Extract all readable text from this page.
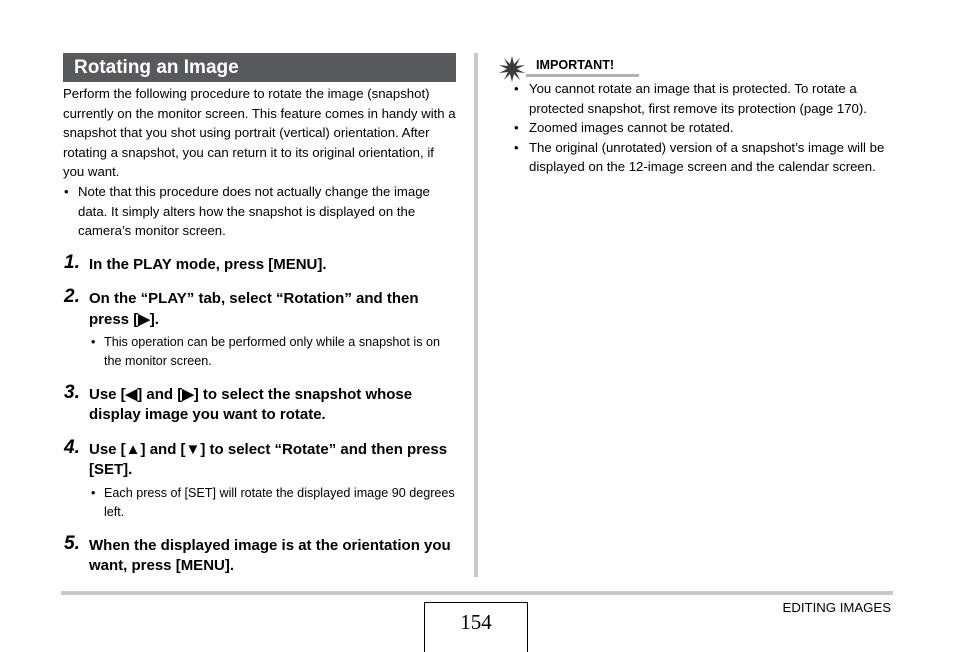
Rotating an Image

Perform the following procedure to rotate the image (snapshot) currently on the monitor screen. This feature comes in handy with a snapshot that you shot using portrait (vertical) orientation. After rotating a snapshot, you can return it to its original orientation, if you want.

• Note that this procedure does not actually change the image data. It simply alters how the snapshot is displayed on the camera’s monitor screen.
1. In the PLAY mode, press [MENU].
2. On the “PLAY” tab, select “Rotation” and then press [▶].
• This operation can be performed only while a snapshot is on the monitor screen.
3. Use [◀] and [▶] to select the snapshot whose display image you want to rotate.
4. Use [▲] and [▼] to select “Rotate” and then press [SET].
• Each press of [SET] will rotate the displayed image 90 degrees left.
5. When the displayed image is at the orientation you want, press [MENU].
IMPORTANT!
• You cannot rotate an image that is protected. To rotate a protected snapshot, first remove its protection (page 170).
• Zoomed images cannot be rotated.
• The original (unrotated) version of a snapshot’s image will be displayed on the 12-image screen and the calendar screen.
EDITING IMAGES
154
